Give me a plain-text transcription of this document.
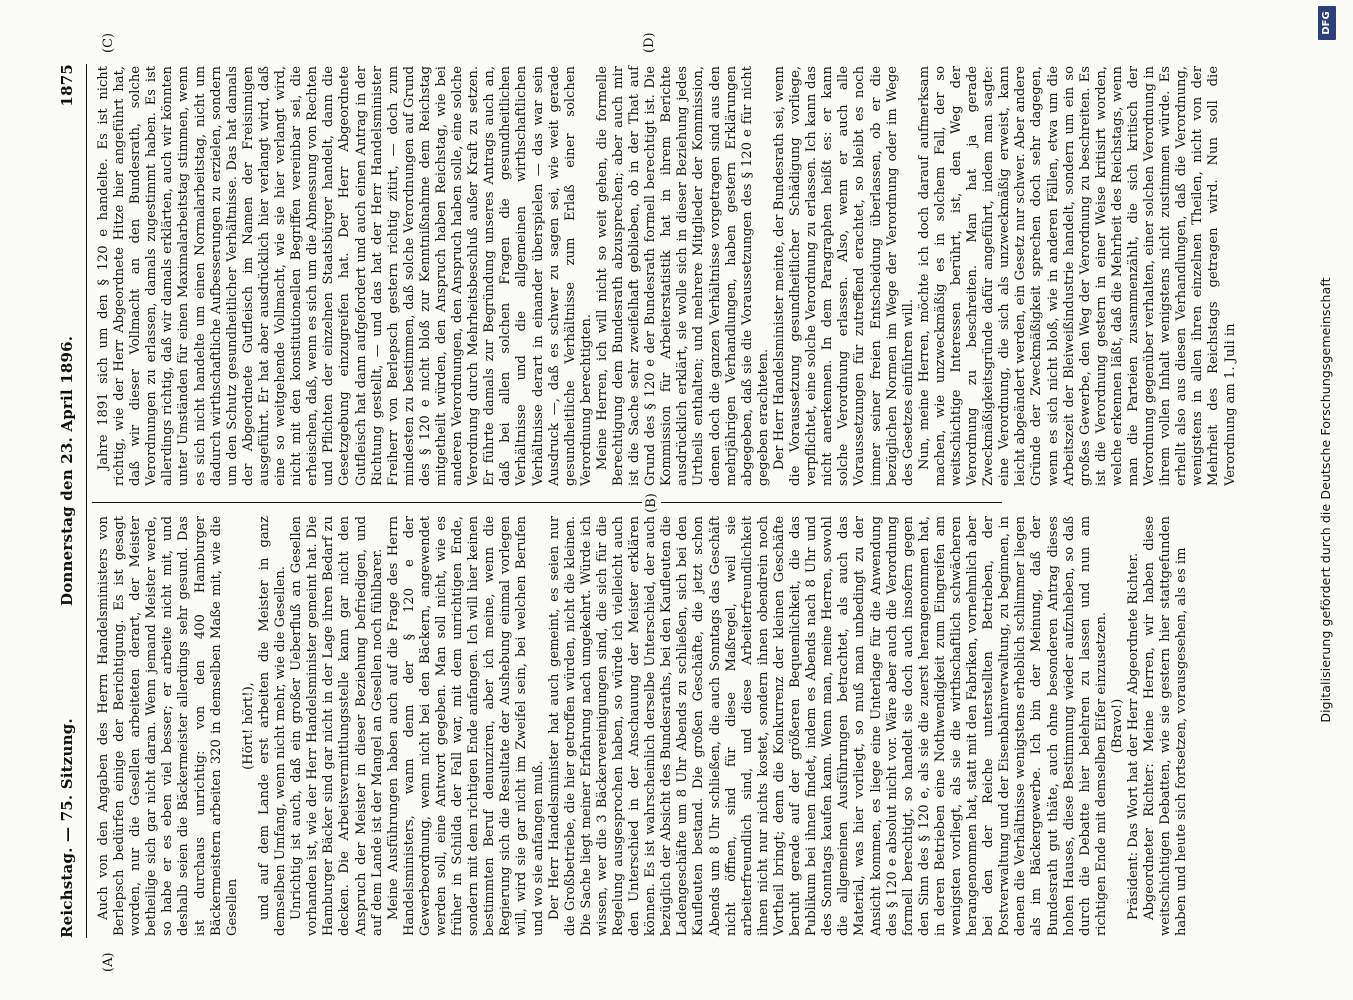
Reichstag. — 75. Sitzung.
Donnerstag den 23. April 1896.
1875
(A)
(B)
(C)	(D)

Auch von den Angaben des Herrn Handelsministers von Berlepsch bedürfen einige der Berichtigung. Es ist gesagt worden, nur die Gesellen arbeiteten derart, der Meister betheilige sich gar nicht daran. Wenn jemand Meister werde, so habe er es eben viel besser; er arbeite nicht mit, und deshalb seien die Bäckermeister allerdings sehr gesund. Das ist durchaus unrichtig: von den 400 Hamburger Bäckermeistern arbeiten 320 in demselben Maße mit, wie die Gesellen

(Hört! hört!), und auf dem Lande erst arbeiten die Meister in ganz demselben Umfang, wenn nicht mehr, wie die Gesellen. Unrichtig ist auch, daß ein großer Ueberfluß an Gesellen vorhanden ist, wie der Herr Handelsminister gemeint hat. Die Hamburger Bäcker sind gar nicht in der Lage ihren Bedarf zu decken. Die Arbeitsvermittlungsstelle kann gar nicht den Anspruch der Meister in dieser Beziehung befriedigen, und auf dem Lande ist der Mangel an Gesellen noch fühlbarer. Meine Ausführungen haben auch auf die Frage des Herrn Handelsministers, wann denn der § 120 e der Gewerbeordnung, wenn nicht bei den Bäckern, angewendet werden soll, eine Antwort gegeben. Man soll nicht, wie es früher in Schilda der Fall war, mit dem unrichtigen Ende, sondern mit dem richtigen Ende anfangen. Ich will hier keinen bestimmten Beruf denunziren, aber ich meine, wenn die Regierung sich die Resultate der Aushebung einmal vorlegen will, wird sie gar nicht im Zweifel sein, bei welchen Berufen und wo sie anfangen muß. Der Herr Handelsminister hat auch gemeint, es seien nur die Großbetriebe, die hier getroffen würden, nicht die kleinen. Die Sache liegt meiner Erfahrung nach umgekehrt. Würde ich wissen, wer die 3 Bäckervereinigungen sind, die sich für die Regelung ausgesprochen haben, so würde ich vielleicht auch den Unterschied in der Anschauung der Meister erklären können. Es ist wahrscheinlich derselbe Unterschied, der auch bezüglich der Absicht des Bundesraths, bei den Kaufleuten die Ladengeschäfte um 8 Uhr Abends zu schließen, sich bei den Kaufleuten bestand. Die großen Geschäfte, die jetzt schon Abends um 8 Uhr schließen, die auch Sonntags das Geschäft nicht öffnen, sind für diese Maßregel, weil sie arbeiterfreundlich sind, und diese Arbeiterfreundlichkeit ihnen nicht nur nichts kostet, sondern ihnen obendrein noch Vortheil bringt; denn die Konkurrenz der kleinen Geschäfte beruht gerade auf der größeren Bequemlichkeit, die das Publikum bei ihnen findet, indem es Abends nach 8 Uhr und des Sonntags kaufen kann. Wenn man, meine Herren, sowohl die allgemeinen Ausführungen betrachtet, als auch das Material, was hier vorliegt, so muß man unbedingt zu der Ansicht kommen, es liege eine Unterlage für die Anwendung des § 120 e absolut nicht vor. Wäre aber auch die Verordnung formell berechtigt, so handelt sie doch auch insofern gegen den Sinn des § 120 e, als sie die zuerst herangenommen hat, in deren Betrieben eine Nothwendigkeit zum Eingreifen am wenigsten vorliegt, als sie die wirthschaftlich schwächeren herangenommen hat, statt mit den Fabriken, vornehmlich aber bei den der Reiche unterstellten Betrieben, der Postverwaltung und der Eisenbahnverwaltung, zu beginnen, in denen die Verhältnisse wenigstens erheblich schlimmer liegen als im Bäckergewerbe. Ich bin der Meinung, daß der Bundesrath gut thäte, auch ohne besonderen Antrag dieses hohen Hauses, diese Bestimmung wieder aufzuheben, so daß durch die Debatte hier belehren zu lassen und nun am richtigen Ende mit demselben Eifer einzusetzen. (Bravo!) Präsident: Das Wort hat der Herr Abgeordnete Richter. Abgeordneter Richter: Meine Herren, wir haben diese weitschichtigen Debatten, wie sie gestern hier stattgefunden haben und heute sich fortsetzen, vorausgesehen, als es im

Jahre 1891 sich um den § 120 e handelte. Es ist nicht richtig, wie der Herr Abgeordnete Hitze hier angeführt hat, daß wir dieser Vollmacht an den Bundesrath, solche Verordnungen zu erlassen, damals zugestimmt haben. Es ist allerdings richtig, daß wir damals erklärten, auch wir könnten unter Umständen für einen Maximalarbeitstag stimmen, wenn es sich nicht handelte um einen Normalarbeitstag, nicht um dadurch wirthschaftliche Aufbesserungen zu erzielen, sondern um den Schutz gesundheitlicher Verhältnisse. Das hat damals der Abgeordnete Gutfleisch im Namen der Freisinnigen ausgeführt. Er hat aber ausdrücklich hier verlangt wird, daß eine so weitgehende Vollmacht, wie sie hier verlangt wird, nicht mit den konstitutionellen Begriffen vereinbar sei, die erheischen, daß, wenn es sich um die Abmessung von Rechten und Pflichten der einzelnen Staatsbürger handelt, dann die Gesetzgebung einzugreifen hat. Der Herr Abgeordnete Gutfleisch hat dann aufgefordert und auch einen Antrag in der Richtung gestellt, — und das hat der Herr Handelsminister Freiherr von Berlepsch gestern richtig zitirt, — doch zum mindesten zu bestimmen, daß solche Verordnungen auf Grund des § 120 e nicht bloß zur Kenntnißnahme dem Reichstag mitgetheilt würden, den Anspruch haben Reichstag, wie bei anderen Verordnungen, den Anspruch haben solle, eine solche Verordnung durch Mehrheitsbeschluß außer Kraft zu setzen. Er führte damals zur Begründung unseres Antrags auch an, daß bei allen solchen Fragen die gesundheitlichen Verhältnisse und die allgemeinen wirthschaftlichen Verhältnisse derart in einander überspielen — das war sein Ausdruck —, daß es schwer zu sagen sei, wie weit gerade gesundheitliche Verhältnisse zum Erlaß einer solchen Verordnung berechtigten. Meine Herren, ich will nicht so weit gehen, die formelle Berechtigung dem Bundesrath abzusprechen; aber auch mir ist die Sache sehr zweifelhaft geblieben, ob in der That auf Grund des § 120 e der Bundesrath formell berechtigt ist. Die Kommission für Arbeiterstatistik hat in ihrem Berichte ausdrücklich erklärt, sie wolle sich in dieser Beziehung jedes Urtheils enthalten; und mehrere Mitglieder der Kommission, denen doch die ganzen Verhältnisse vorgetragen sind aus den mehrjährigen Verhandlungen, haben gestern Erklärungen abgegeben, daß sie die Voraussetzungen des § 120 e für nicht gegeben erachteten. Der Herr Handelsminister meinte, der Bundesrath sei, wenn die Voraussetzung gesundheitlicher Schädigung vorliege, verpflichtet, eine solche Verordnung zu erlassen. Ich kann das nicht anerkennen. In dem Paragraphen heißt es: er kann solche Verordnung erlassen. Also, wenn er auch alle Voraussetzungen für zutreffend erachtet, so bleibt es noch immer seiner freien Entscheidung überlassen, ob er die bezüglichen Normen im Wege der Verordnung oder im Wege des Gesetzes einführen will. Nun, meine Herren, möchte ich doch darauf aufmerksam machen, wie unzweckmäßig es in solchem Fall, der so weitschichtige Interessen berührt, ist, den Weg der Verordnung zu beschreiten. Man hat ja gerade Zweckmäßigkeitsgründe dafür angeführt, indem man sagte: eine Verordnung, die sich als unzweckmäßig erweist, kann leicht abgeändert werden, ein Gesetz nur schwer. Aber andere Gründe der Zweckmäßigkeit sprechen doch sehr dagegen, wenn es sich nicht bloß, wie in anderen Fällen, etwa um die Arbeitszeit der Bleiweißindustrie handelt, sondern um ein so großes Gewerbe, den Weg der Verordnung zu beschreiten. Es ist die Verordnung gestern in einer Weise kritisirt worden, welche erkennen läßt, daß die Mehrheit des Reichstags, wenn man die Parteien zusammenzählt, die sich kritisch der Verordnung gegenüber verhalten, einer solchen Verordnung in ihrem vollen Inhalt wenigstens nicht zustimmen würde. Es erhellt also aus diesen Verhandlungen, daß die Verordnung, wenigstens in allen ihren einzelnen Theilen, nicht von der Mehrheit des Reichstags getragen wird. Nun soll die Verordnung am 1. Juli in	Digitalisierung gefördert durch die Deutsche Forschungsgemeinschaft
DFG
